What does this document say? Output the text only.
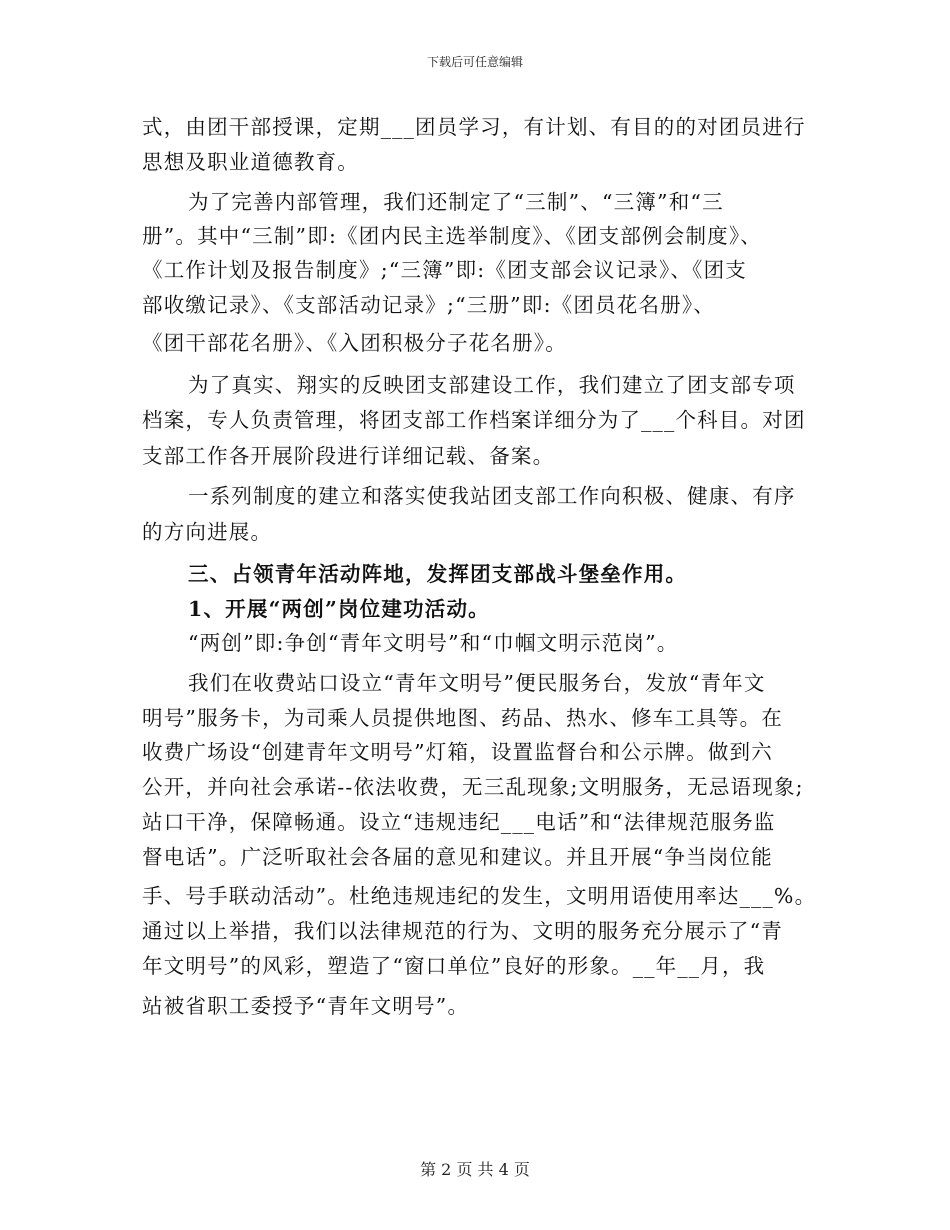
下载后可任意编辑
式，由团干部授课，定期___团员学习，有计划、有目的的对团员进行
思想及职业道德教育。
为了完善内部管理，我们还制定了“三制”、“三簿”和“三
册”。其中“三制”即:《团内民主选举制度》、《团支部例会制度》、
《工作计划及报告制度》;“三簿”即:《团支部会议记录》、《团支
部收缴记录》、《支部活动记录》;“三册”即:《团员花名册》、
《团干部花名册》、《入团积极分子花名册》。
为了真实、翔实的反映团支部建设工作，我们建立了团支部专项
档案，专人负责管理，将团支部工作档案详细分为了___个科目。对团
支部工作各开展阶段进行详细记载、备案。
一系列制度的建立和落实使我站团支部工作向积极、健康、有序
的方向进展。
三、占领青年活动阵地，发挥团支部战斗堡垒作用。
1、开展“两创”岗位建功活动。
“两创”即:争创“青年文明号”和“巾帼文明示范岗”。
我们在收费站口设立“青年文明号”便民服务台，发放“青年文
明号”服务卡，为司乘人员提供地图、药品、热水、修车工具等。在
收费广场设“创建青年文明号”灯箱，设置监督台和公示牌。做到六
公开，并向社会承诺--依法收费，无三乱现象;文明服务，无忌语现象;
站口干净，保障畅通。设立“违规违纪___电话”和“法律规范服务监
督电话”。广泛听取社会各届的意见和建议。并且开展“争当岗位能
手、号手联动活动”。杜绝违规违纪的发生，文明用语使用率达___%。
通过以上举措，我们以法律规范的行为、文明的服务充分展示了“青
年文明号”的风彩，塑造了“窗口单位”良好的形象。__年__月，我
站被省职工委授予“青年文明号”。
第 2 页 共 4 页
